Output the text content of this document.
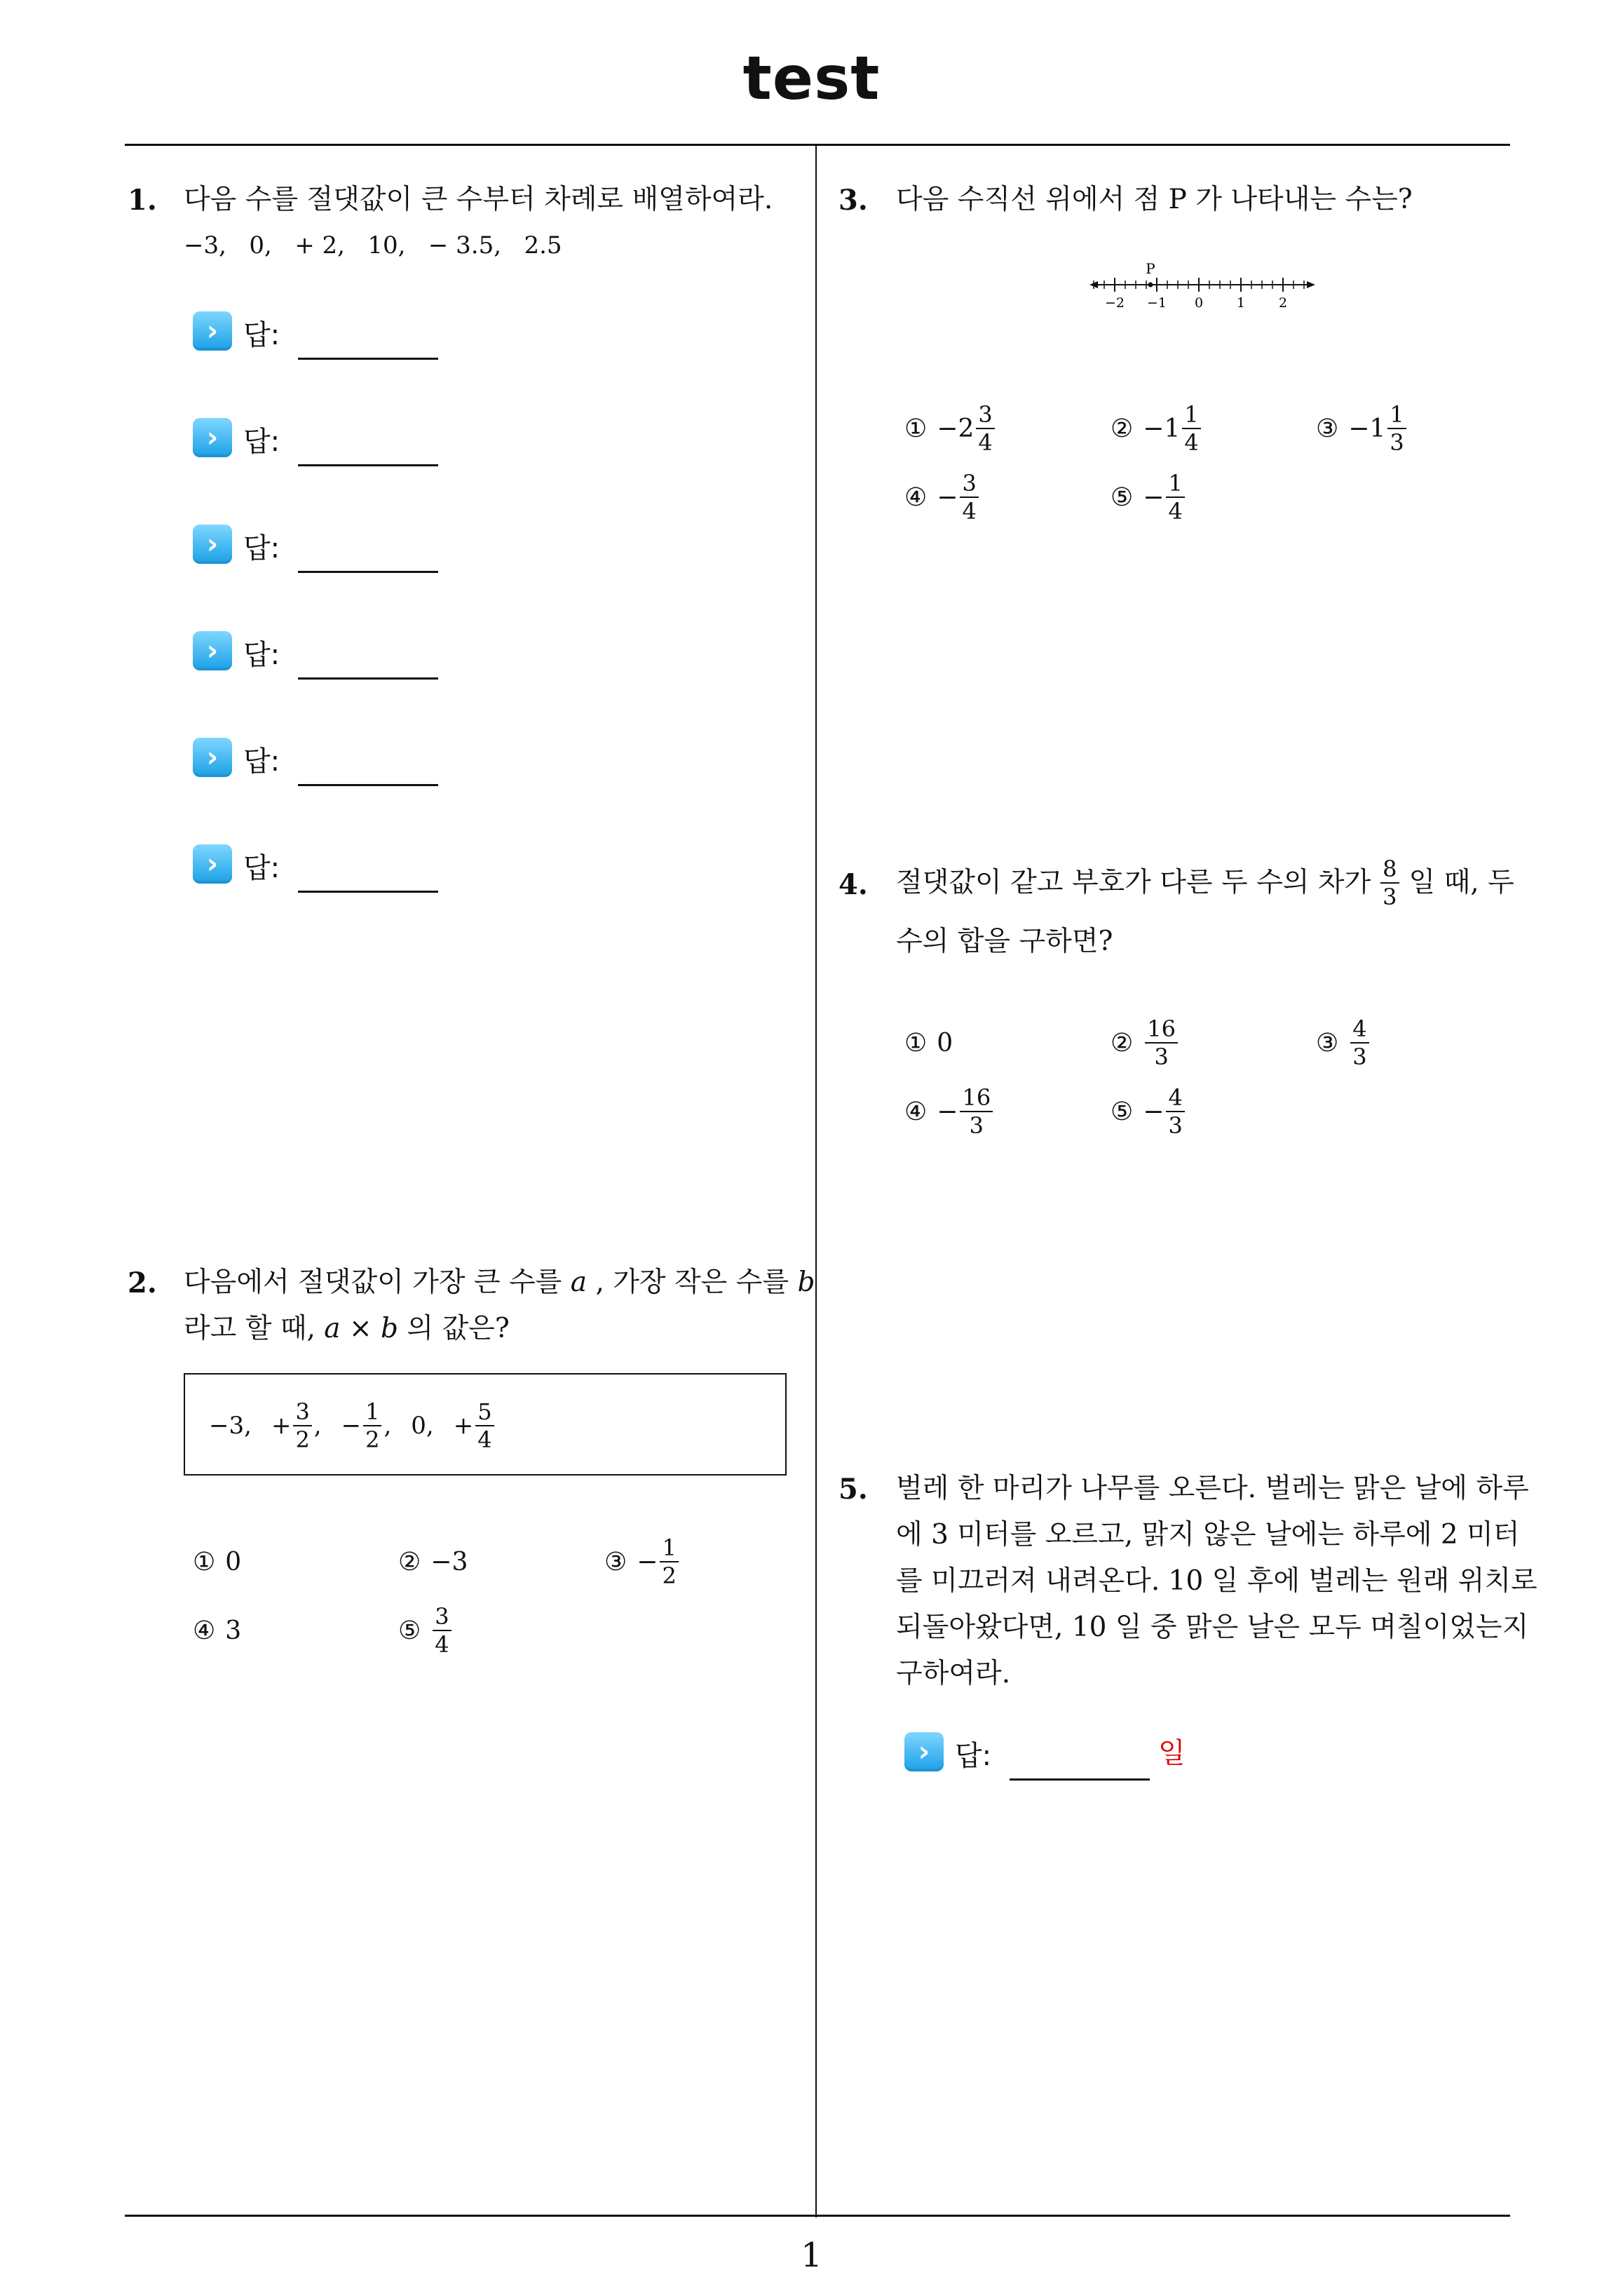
test
1
1. 다음 수를 절댓값이 큰 수부터 차례로 배열하여라.
−3,   0,   + 2,   10,   − 3.5,   2.5
› 답:
› 답:
› 답:
› 답:
› 답:
› 답:
2. 다음에서 절댓값이 가장 큰 수를 a , 가장 작은 수를 b
라고 할 때, a × b 의 값은?
−3, + $\frac{3}{2}$ , − $\frac{1}{2}$ , 0, + $\frac{5}{4}$
① 0	② −3	③ − $\frac{1}{2}$
④ 3	⑤ $\frac{3}{4}$
3. 다음 수직선 위에서 점 P 가 나타내는 수는?
P
−2 −1 0	1	2
① $-2 \frac{3}{4}$	② $-1 \frac{1}{4}$	③ $-1 \frac{1}{3}$
④ − $\frac{3}{4}$	⑤ − $\frac{1}{4}$
4. 절댓값이 같고 부호가 다른 두 수의 차가 $\frac{8}{3}$ 일 때, 두
수의 합을 구하면?
① 0	② $\frac{16}{3}$	③ $\frac{4}{3}$
④ − $\frac{16}{3}$	⑤ − $\frac{4}{3}$
5. 벌레 한 마리가 나무를 오른다. 벌레는 맑은 날에 하루
에 3 미터를 오르고, 맑지 않은 날에는 하루에 2 미터
를 미끄러져 내려온다. 10 일 후에 벌레는 원래 위치로
되돌아왔다면, 10 일 중 맑은 날은 모두 며칠이었는지
구하여라.
› 답:	일
